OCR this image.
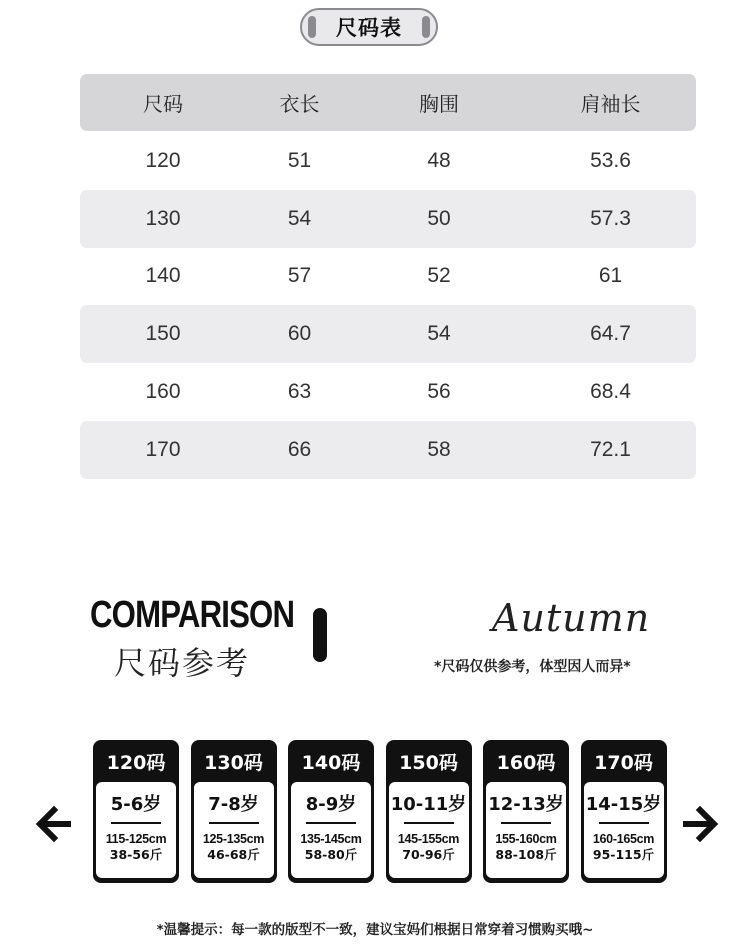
尺码表
尺码	衣长	胸围	肩袖长
120	51	48	53.6
130	54	50	57.3
140	57	52	61
150	60	54	64.7
160	63	56	68.4
170	66	58	72.1
COMPARISON
尺码参考
Autumn
*尺码仅供参考，体型因人而异*
120码
5-6岁
115-125cm
38-56斤
130码
7-8岁
125-135cm
46-68斤
140码
8-9岁
135-145cm
58-80斤
150码
10-11岁
145-155cm
70-96斤
160码
12-13岁
155-160cm
88-108斤
170码
14-15岁
160-165cm
95-115斤
*温馨提示：每一款的版型不一致，建议宝妈们根据日常穿着习惯购买哦~
